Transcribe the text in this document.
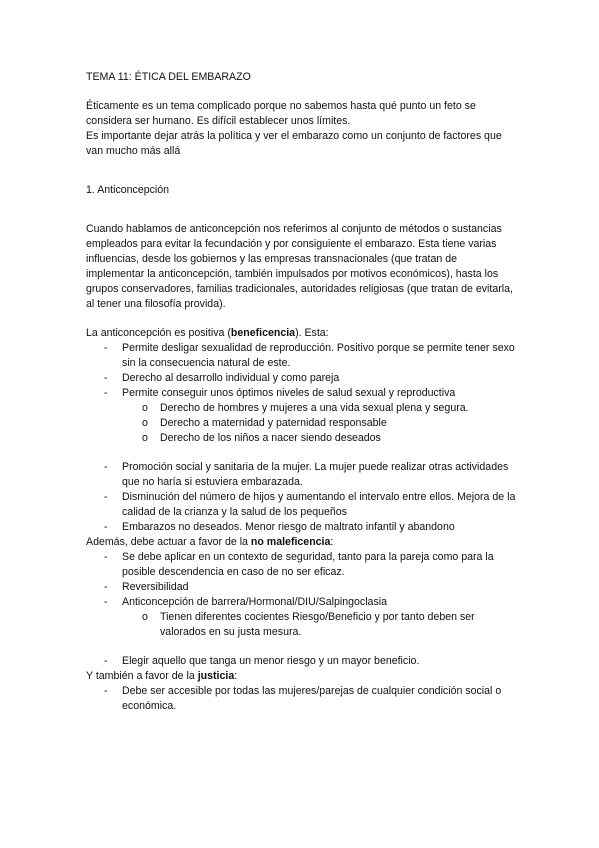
TEMA 11: ÉTICA DEL EMBARAZO

Éticamente es un tema complicado porque no sabemos hasta qué punto un feto se considera ser humano. Es difícil establecer unos límites.

Es importante dejar atrás la política y ver el embarazo como un conjunto de factores que van mucho más allá

1. Anticoncepción

Cuando hablamos de anticoncepción nos referimos al conjunto de métodos o sustancias empleados para evitar la fecundación y por consiguiente el embarazo. Esta tiene varias influencias, desde los gobiernos y las empresas transnacionales (que tratan de implementar la anticoncepción, también impulsados por motivos económicos), hasta los grupos conservadores, familias tradicionales, autoridades religiosas (que tratan de evitarla, al tener una filosofía provida).

La anticoncepción es positiva (beneficencia). Esta:

- Permite desligar sexualidad de reproducción. Positivo porque se permite tener sexo sin la consecuencia natural de este.
- Derecho al desarrollo individual y como pareja
- Permite conseguir unos óptimos niveles de salud sexual y reproductiva
o Derecho de hombres y mujeres a una vida sexual plena y segura.
o Derecho a maternidad y paternidad responsable
o Derecho de los niños a nacer siendo deseados
- Promoción social y sanitaria de la mujer. La mujer puede realizar otras actividades que no haría si estuviera embarazada.
- Disminución del número de hijos y aumentando el intervalo entre ellos. Mejora de la calidad de la crianza y la salud de los pequeños
- Embarazos no deseados. Menor riesgo de maltrato infantil y abandono

Además, debe actuar a favor de la no maleficencia:

- Se debe aplicar en un contexto de seguridad, tanto para la pareja como para la posible descendencia en caso de no ser eficaz.
- Reversibilidad
- Anticoncepción de barrera/Hormonal/DIU/Salpingoclasia
o Tienen diferentes cocientes Riesgo/Beneficio y por tanto deben ser valorados en su justa mesura.
- Elegir aquello que tanga un menor riesgo y un mayor beneficio.

Y también a favor de la justicia:

- Debe ser accesible por todas las mujeres/parejas de cualquier condición social o económica.
